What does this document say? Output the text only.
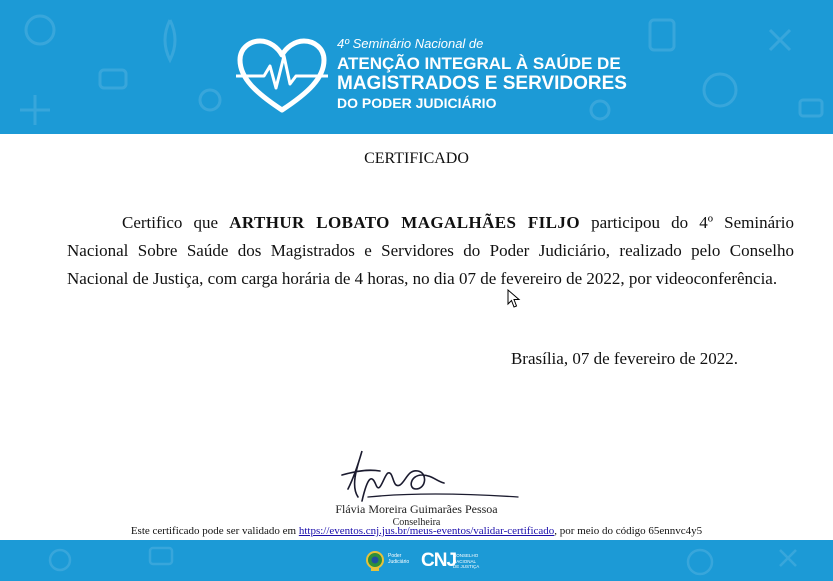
4º Seminário Nacional de
ATENÇÃO INTEGRAL À SAÚDE DE
MAGISTRADOS E SERVIDORES
DO PODER JUDICIÁRIO
CERTIFICADO
Certifico que ARTHUR LOBATO MAGALHÃES FILJO participou do 4º Seminário Nacional Sobre Saúde dos Magistrados e Servidores do Poder Judiciário, realizado pelo Conselho Nacional de Justiça, com carga horária de 4 horas, no dia 07 de fevereiro de 2022, por videoconferência.
Brasília, 07 de fevereiro de 2022.
Flávia Moreira Guimarães Pessoa
Conselheira
Este certificado pode ser validado em https://eventos.cnj.jus.br/meus-eventos/validar-certificado, por meio do código 65ennvc4y5
Poder Judiciário CNJ
CONSELHO NACIONAL DE JUSTIÇA
